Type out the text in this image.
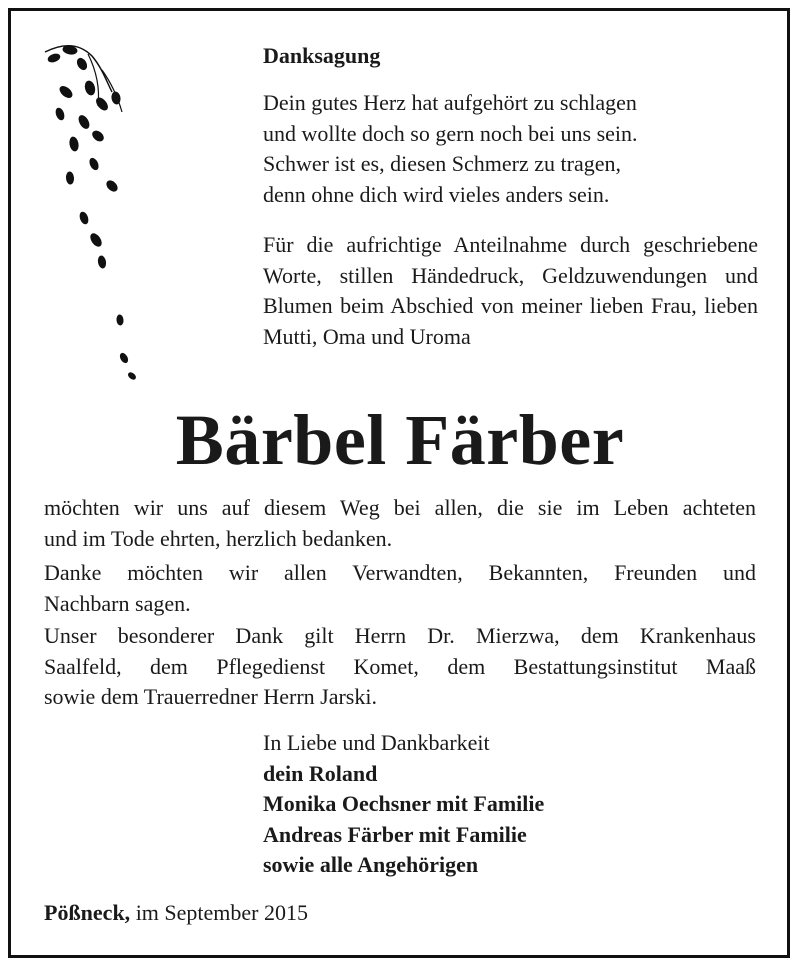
Danksagung
Dein gutes Herz hat aufgehört zu schlagen
und wollte doch so gern noch bei uns sein.
Schwer ist es, diesen Schmerz zu tragen,
denn ohne dich wird vieles anders sein.
Für die aufrichtige Anteilnahme durch geschriebene Worte, stillen Händedruck, Geldzuwendungen und Blumen beim Abschied von meiner lieben Frau, lieben Mutti, Oma und Uroma
Bärbel Färber
möchten wir uns auf diesem Weg bei allen, die sie im Leben achteten
und im Tode ehrten, herzlich bedanken.
Danke möchten wir allen Verwandten, Bekannten, Freunden und
Nachbarn sagen.
Unser besonderer Dank gilt Herrn Dr. Mierzwa, dem Krankenhaus
Saalfeld, dem Pflegedienst Komet, dem Bestattungsinstitut Maaß
sowie dem Trauerredner Herrn Jarski.
In Liebe und Dankbarkeit
dein Roland
Monika Oechsner mit Familie
Andreas Färber mit Familie
sowie alle Angehörigen
Pößneck, im September 2015
